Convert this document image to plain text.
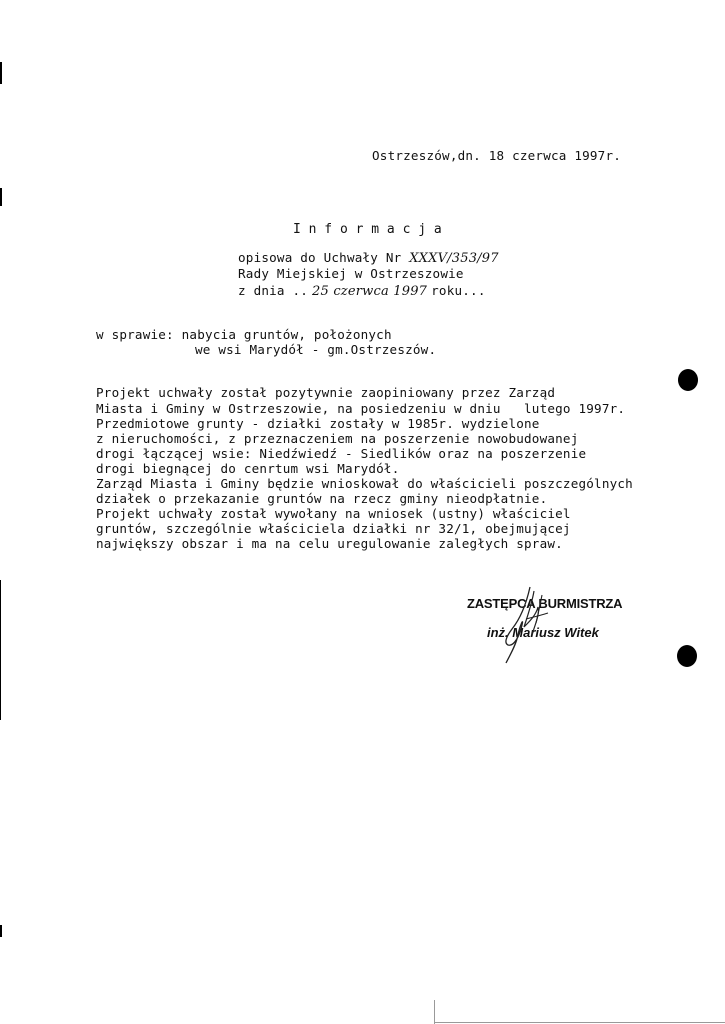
Ostrzeszów,dn. 18 czerwca 1997r.
I n f o r m a c j a
opisowa do Uchwały Nr XXXV/353/97
Rady Miejskiej w Ostrzeszowie
z dnia .. 25 czerwca 1997 roku...
w sprawie: nabycia gruntów, położonych
we wsi Marydół - gm.Ostrzeszów.
Projekt uchwały został pozytywnie zaopiniowany przez Zarząd
Miasta i Gminy w Ostrzeszowie, na posiedzeniu w dniu   lutego 1997r.
Przedmiotowe grunty - działki zostały w 1985r. wydzielone
z nieruchomości, z przeznaczeniem na poszerzenie nowobudowanej
drogi łączącej wsie: Niedźwiedź - Siedlików oraz na poszerzenie
drogi biegnącej do cenrtum wsi Marydół.
Zarząd Miasta i Gminy będzie wnioskował do właścicieli poszczególnych
działek o przekazanie gruntów na rzecz gminy nieodpłatnie.
Projekt uchwały został wywołany na wniosek (ustny) właściciel
gruntów, szczególnie właściciela działki nr 32/1, obejmującej
największy obszar i ma na celu uregulowanie zaległych spraw.
ZASTĘPCA BURMISTRZA
inż. Mariusz Witek
